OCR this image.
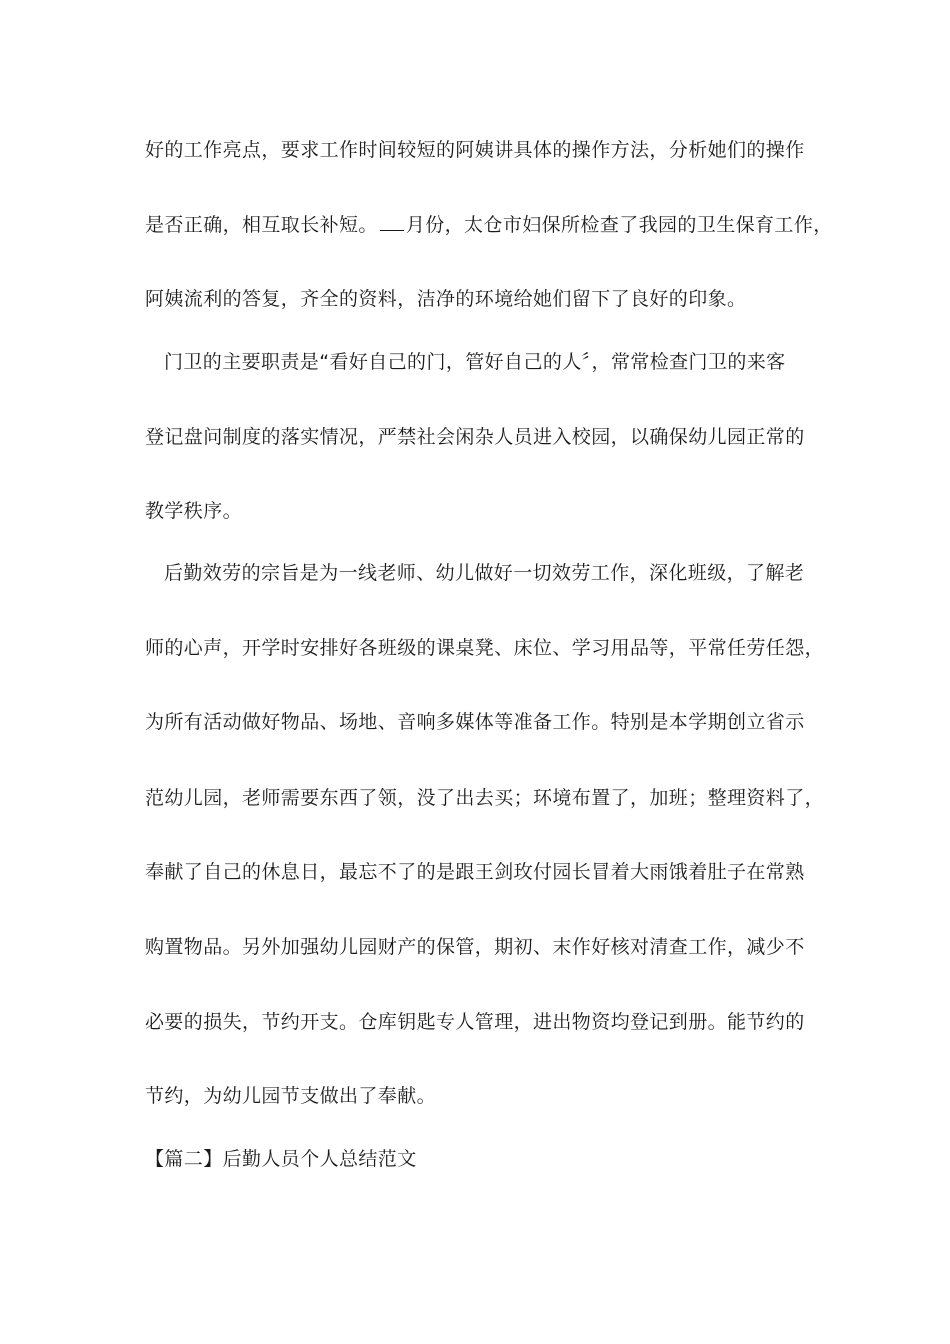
好的工作亮点，要求工作时间较短的阿姨讲具体的操作方法，分析她们的操作
是否正确，相互取长补短。 月份，太仓市妇保所检查了我园的卫生保育工作，
阿姨流利的答复，齐全的资料，洁净的环境给她们留下了良好的印象。
门卫的主要职责是“看好自己的门，管好自己的人〞，常常检查门卫的来客
登记盘问制度的落实情况，严禁社会闲杂人员进入校园，以确保幼儿园正常的
教学秩序。
后勤效劳的宗旨是为一线老师、幼儿做好一切效劳工作，深化班级，了解老
师的心声，开学时安排好各班级的课桌凳、床位、学习用品等，平常任劳任怨，
为所有活动做好物品、场地、音响多媒体等准备工作。特别是本学期创立省示
范幼儿园，老师需要东西了领，没了出去买；环境布置了，加班；整理资料了，
奉献了自己的休息日，最忘不了的是跟王剑玫付园长冒着大雨饿着肚子在常熟
购置物品。另外加强幼儿园财产的保管，期初、末作好核对清查工作，减少不
必要的损失，节约开支。仓库钥匙专人管理，进出物资均登记到册。能节约的
节约，为幼儿园节支做出了奉献。
【篇二】后勤人员个人总结范文
